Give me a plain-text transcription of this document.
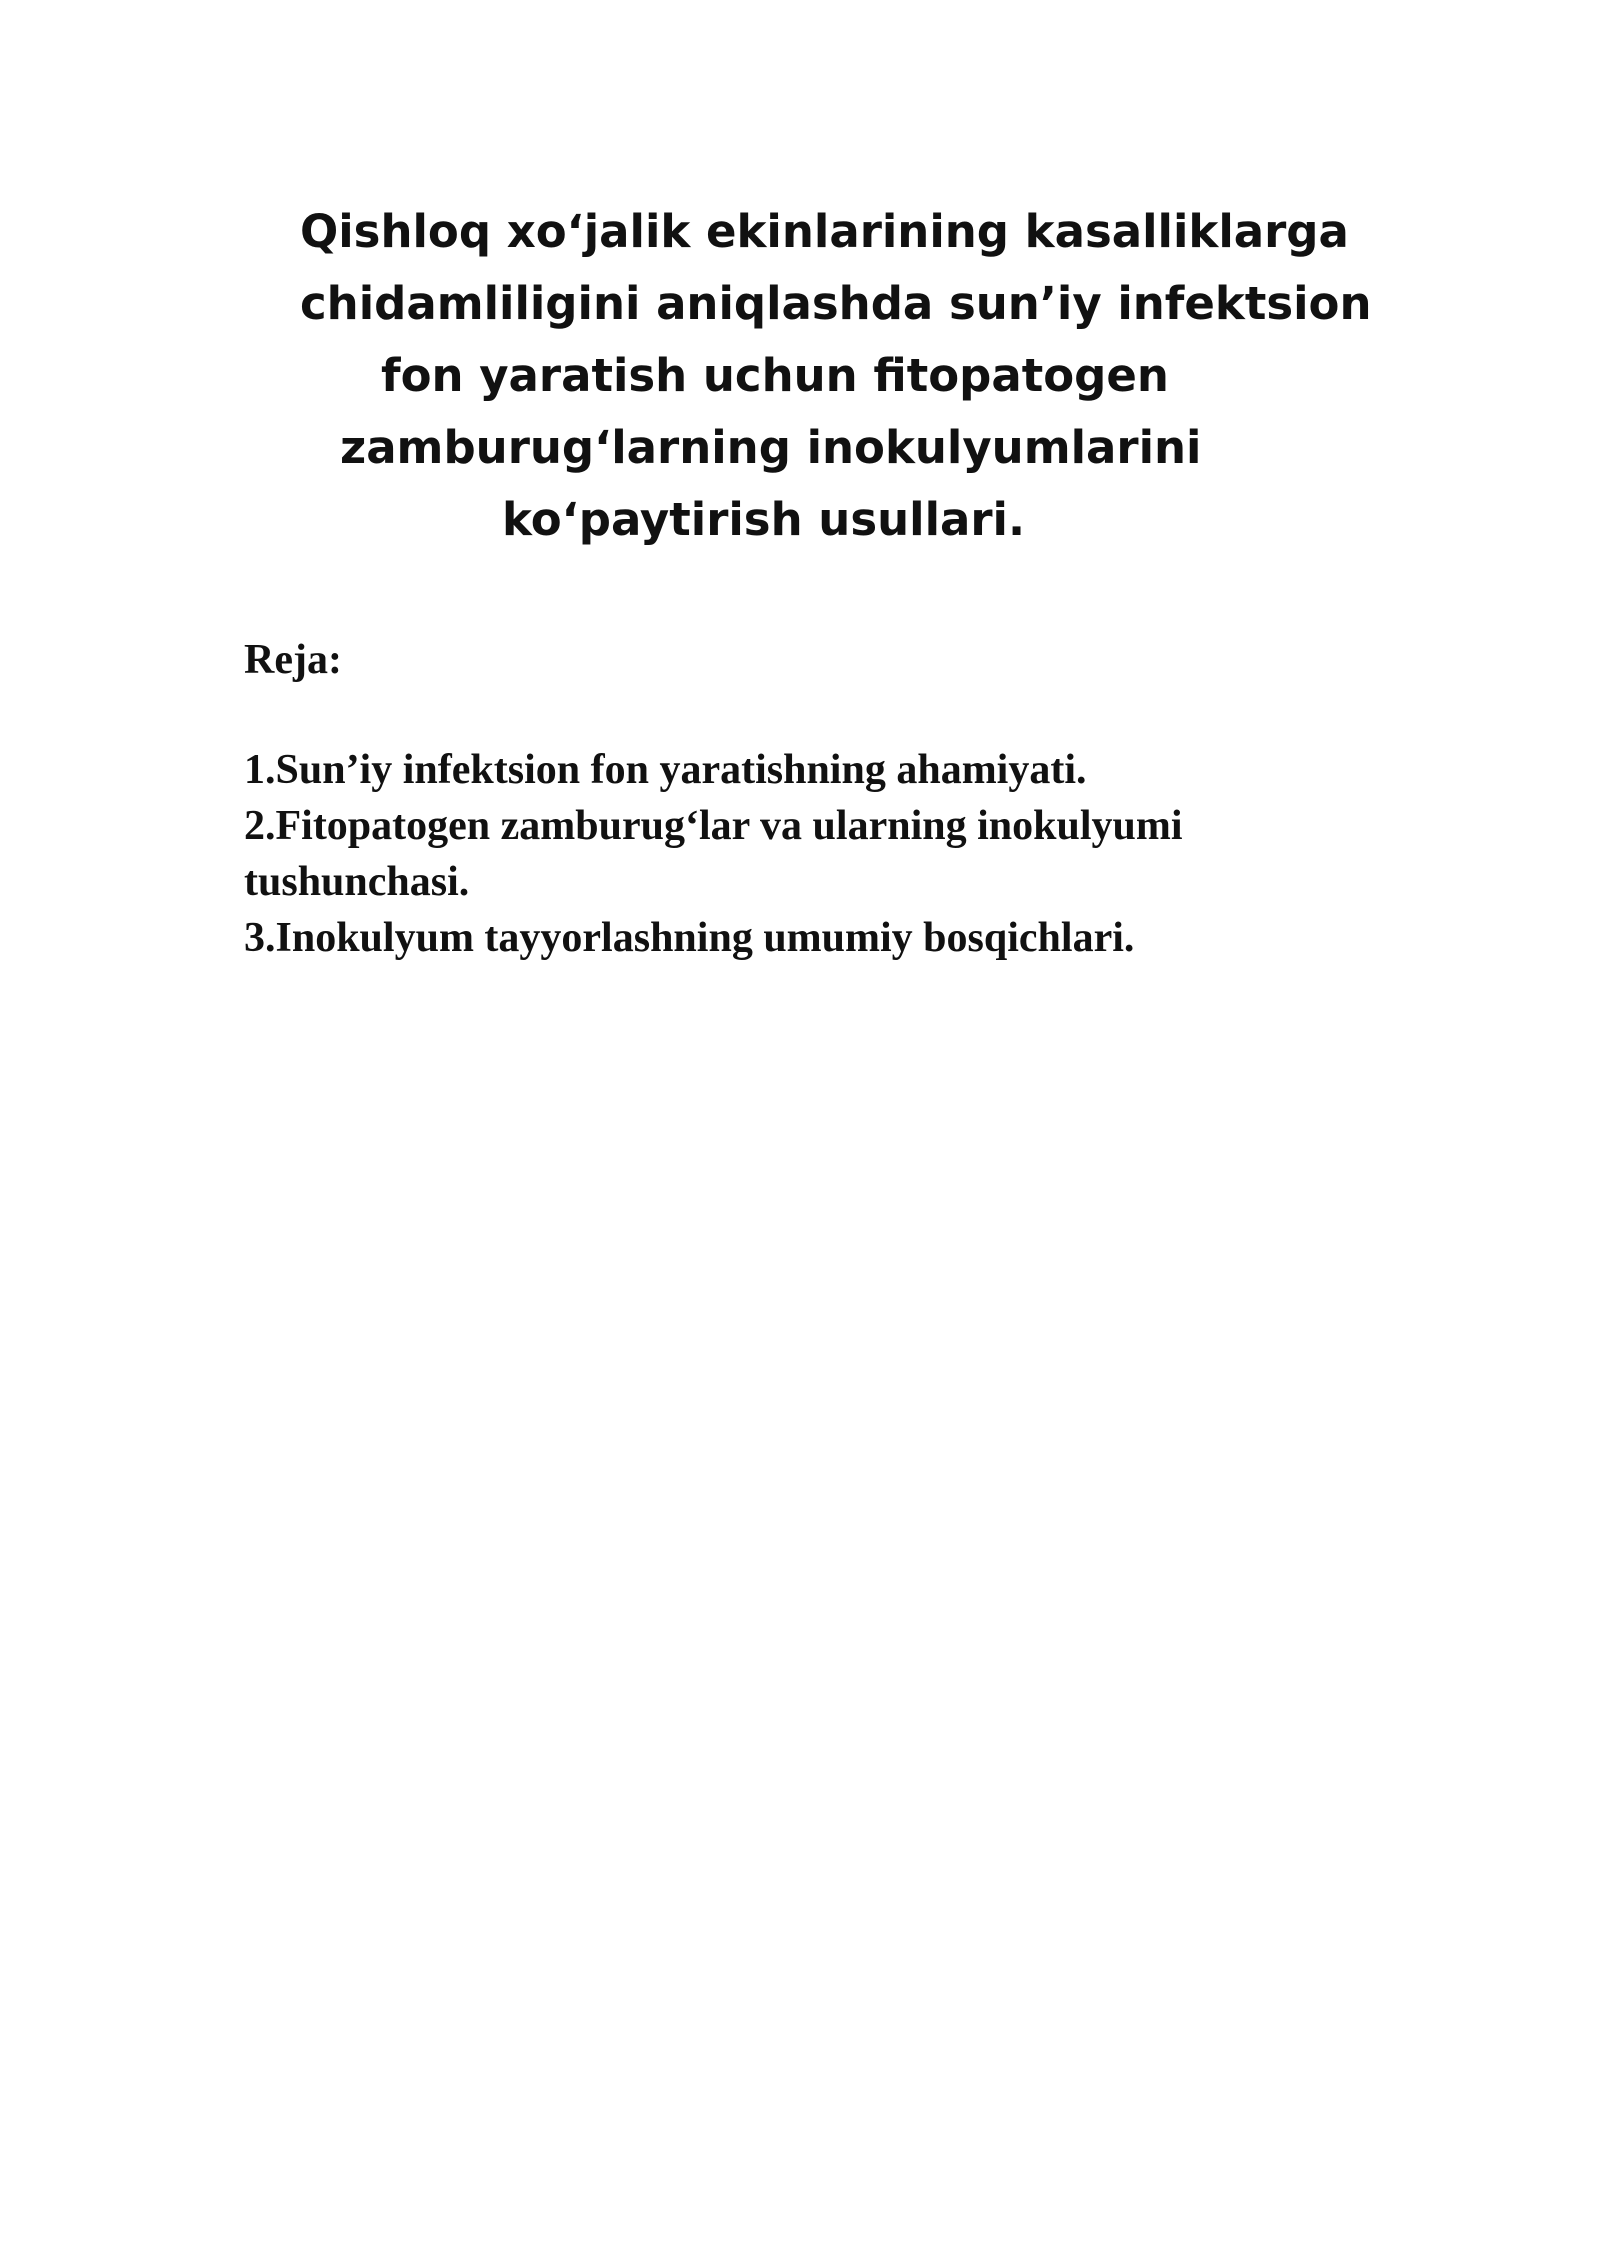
Qishloq xo‘jalik ekinlarining kasalliklarga
chidamliligini aniqlashda sun’iy infektsion
fon yaratish uchun fitopatogen
zamburug‘larning inokulyumlarini
ko‘paytirish usullari.
Reja:
1.Sun’iy infektsion fon yaratishning ahamiyati.
2.Fitopatogen zamburug‘lar va ularning inokulyumi tushunchasi.
3.Inokulyum tayyorlashning umumiy bosqichlari.
